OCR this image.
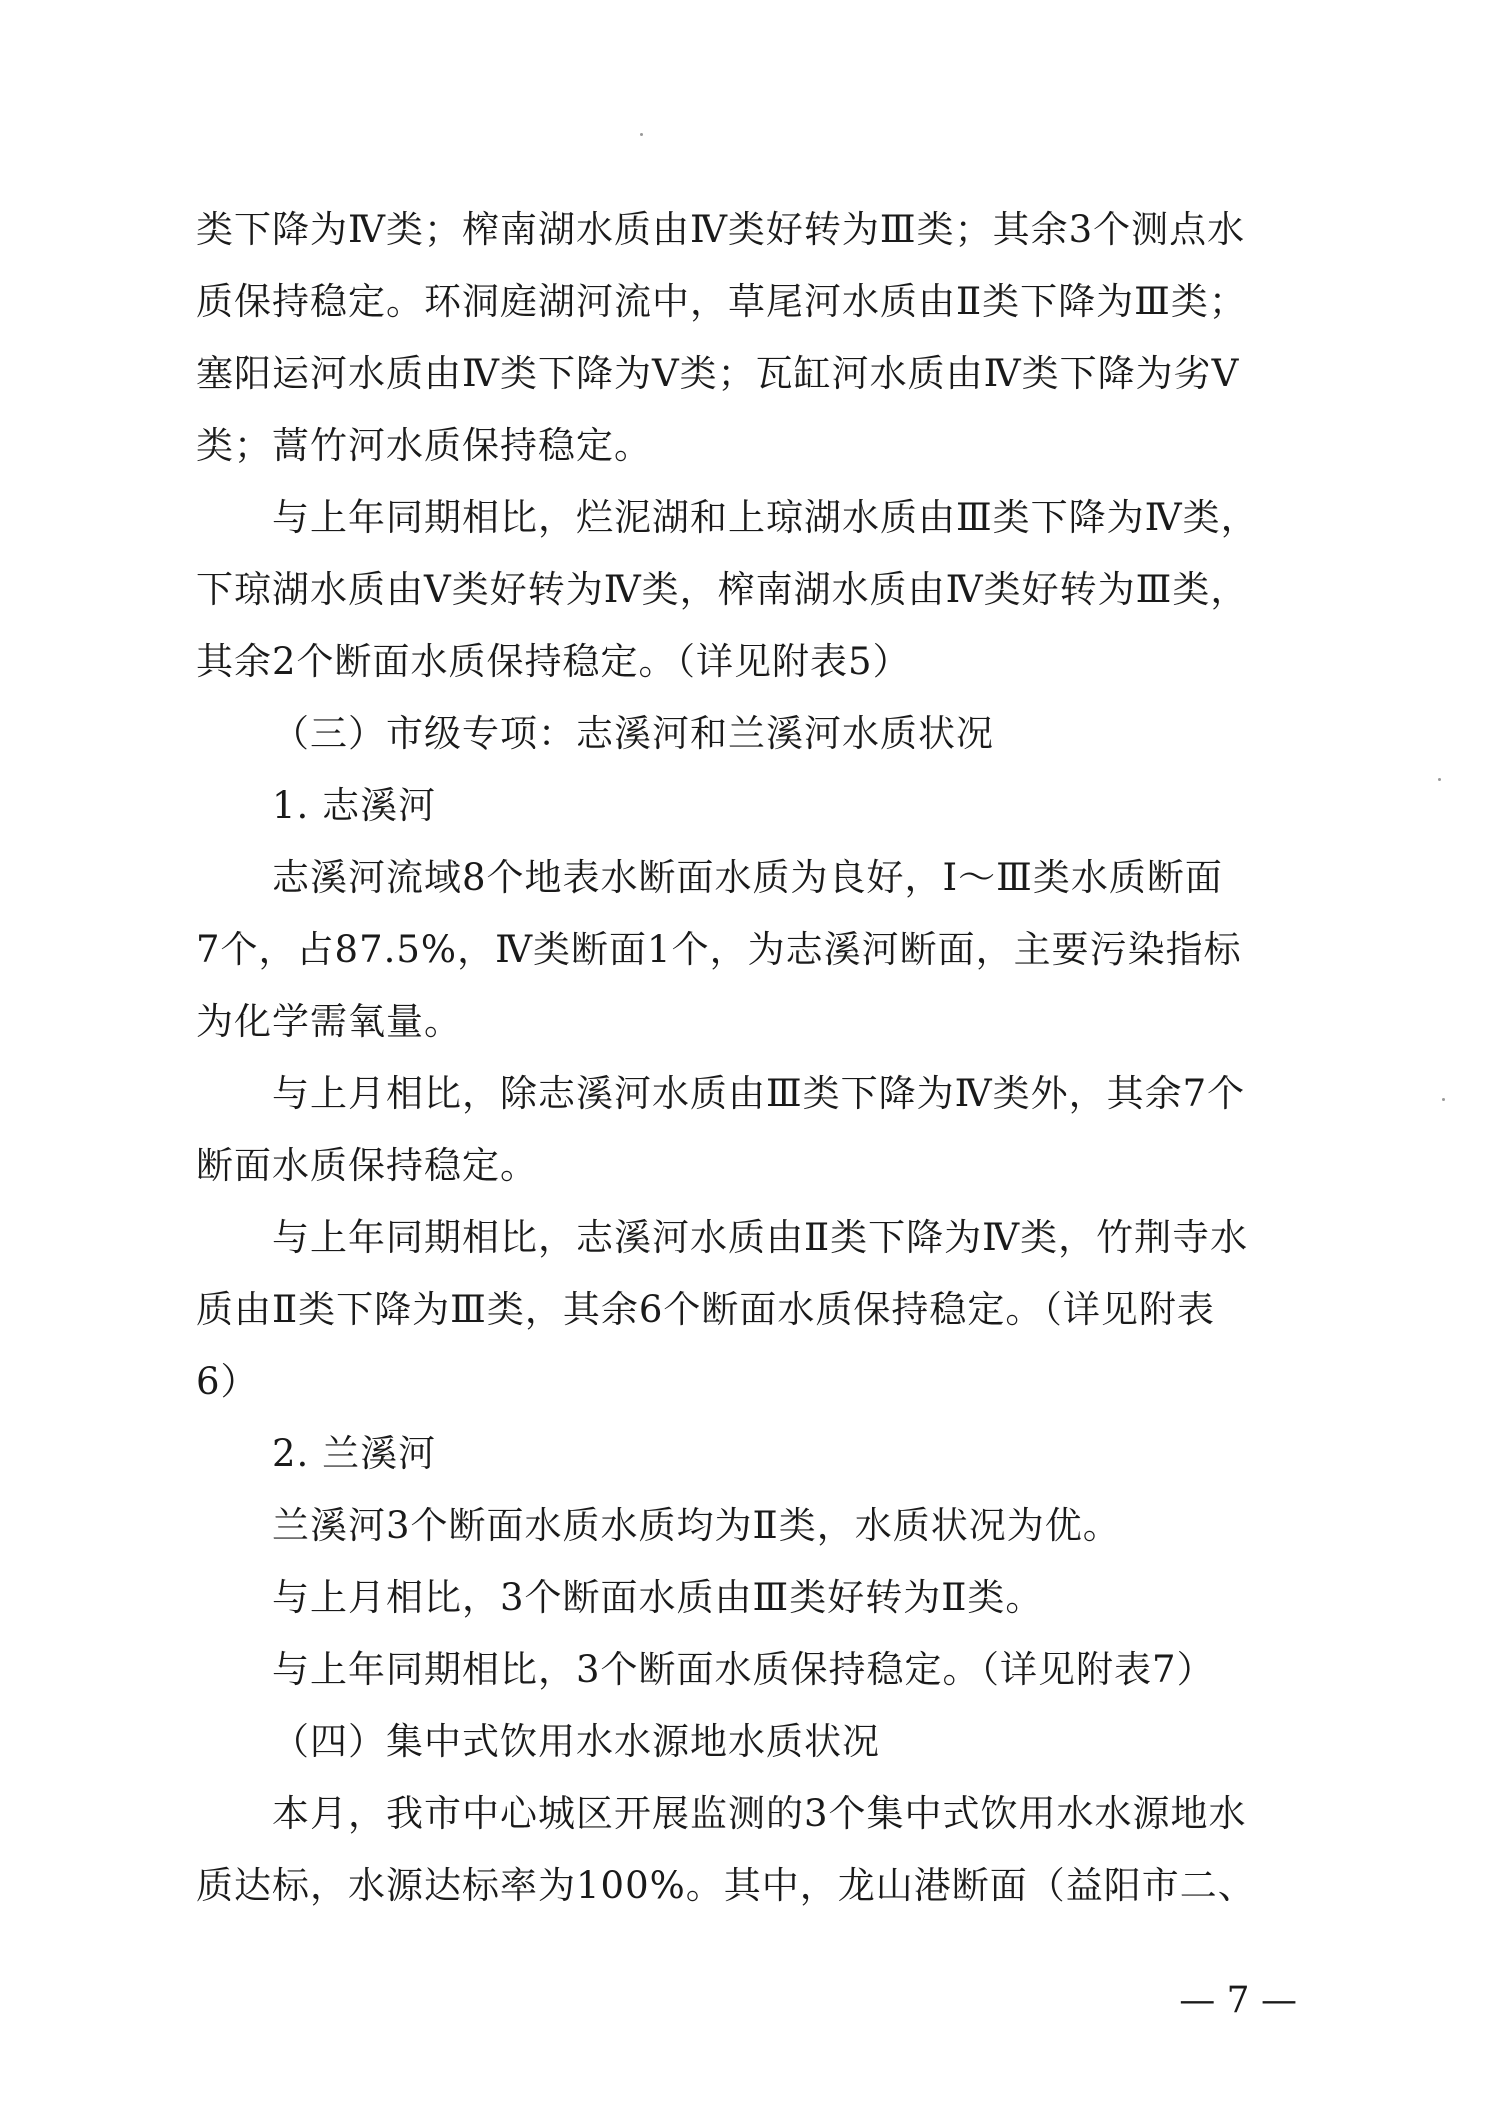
类下降为Ⅳ类；榨南湖水质由Ⅳ类好转为Ⅲ类；其余3个测点水
质保持稳定。环洞庭湖河流中，草尾河水质由Ⅱ类下降为Ⅲ类；
塞阳运河水质由Ⅳ类下降为Ⅴ类；瓦缸河水质由Ⅳ类下降为劣Ⅴ
类；蒿竹河水质保持稳定。
与上年同期相比，烂泥湖和上琼湖水质由Ⅲ类下降为Ⅳ类，
下琼湖水质由Ⅴ类好转为Ⅳ类，榨南湖水质由Ⅳ类好转为Ⅲ类，
其余2个断面水质保持稳定。（详见附表5）
（三）市级专项：志溪河和兰溪河水质状况
1. 志溪河
志溪河流域8个地表水断面水质为良好，Ⅰ～Ⅲ类水质断面
7个，占87.5%，Ⅳ类断面1个，为志溪河断面，主要污染指标
为化学需氧量。
与上月相比，除志溪河水质由Ⅲ类下降为Ⅳ类外，其余7个
断面水质保持稳定。
与上年同期相比，志溪河水质由Ⅱ类下降为Ⅳ类，竹荆寺水
质由Ⅱ类下降为Ⅲ类，其余6个断面水质保持稳定。（详见附表
6）
2. 兰溪河
兰溪河3个断面水质水质均为Ⅱ类，水质状况为优。
与上月相比，3个断面水质由Ⅲ类好转为Ⅱ类。
与上年同期相比，3个断面水质保持稳定。（详见附表7）
（四）集中式饮用水水源地水质状况
本月，我市中心城区开展监测的3个集中式饮用水水源地水
质达标，水源达标率为100%。其中，龙山港断面（益阳市二、
— 7 —
